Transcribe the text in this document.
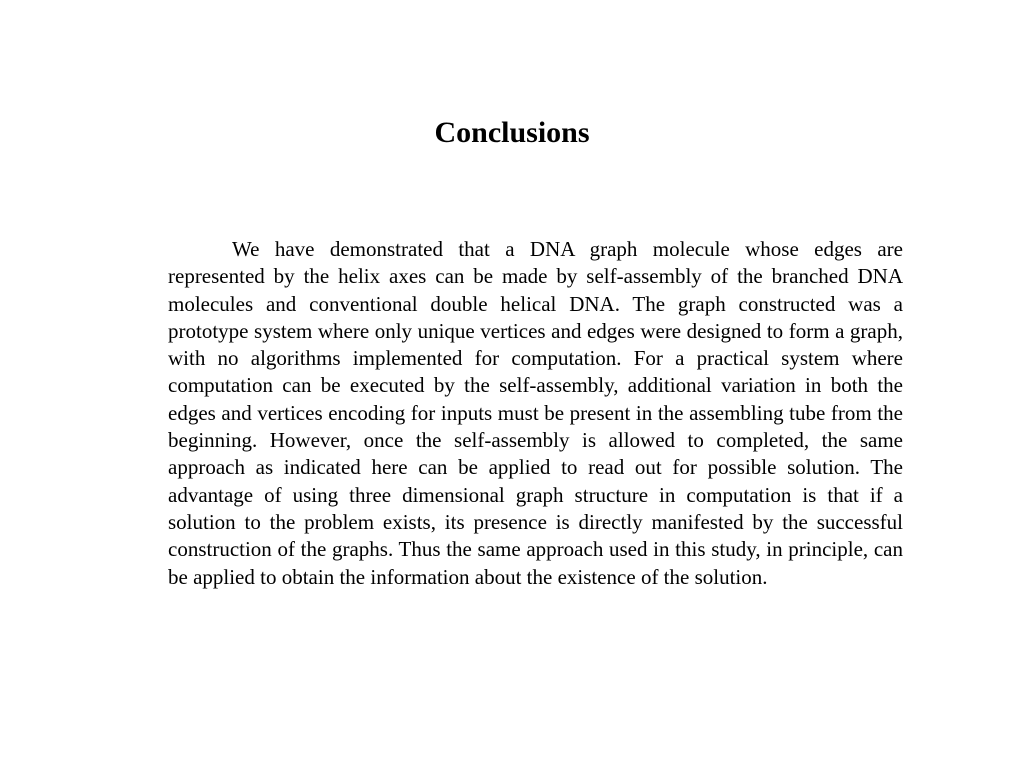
Conclusions

We have demonstrated that a DNA graph molecule whose edges are represented by the helix axes can be made by self-assembly of the branched DNA molecules and conventional double helical DNA. The graph constructed was a prototype system where only unique vertices and edges were designed to form a graph, with no algorithms implemented for computation. For a practical system where computation can be executed by the self-assembly, additional variation in both the edges and vertices encoding for inputs must be present in the assembling tube from the beginning. However, once the self-assembly is allowed to completed, the same approach as indicated here can be applied to read out for possible solution. The advantage of using three dimensional graph structure in computation is that if a solution to the problem exists, its presence is directly manifested by the successful construction of the graphs. Thus the same approach used in this study, in principle, can be applied to obtain the information about the existence of the solution.
